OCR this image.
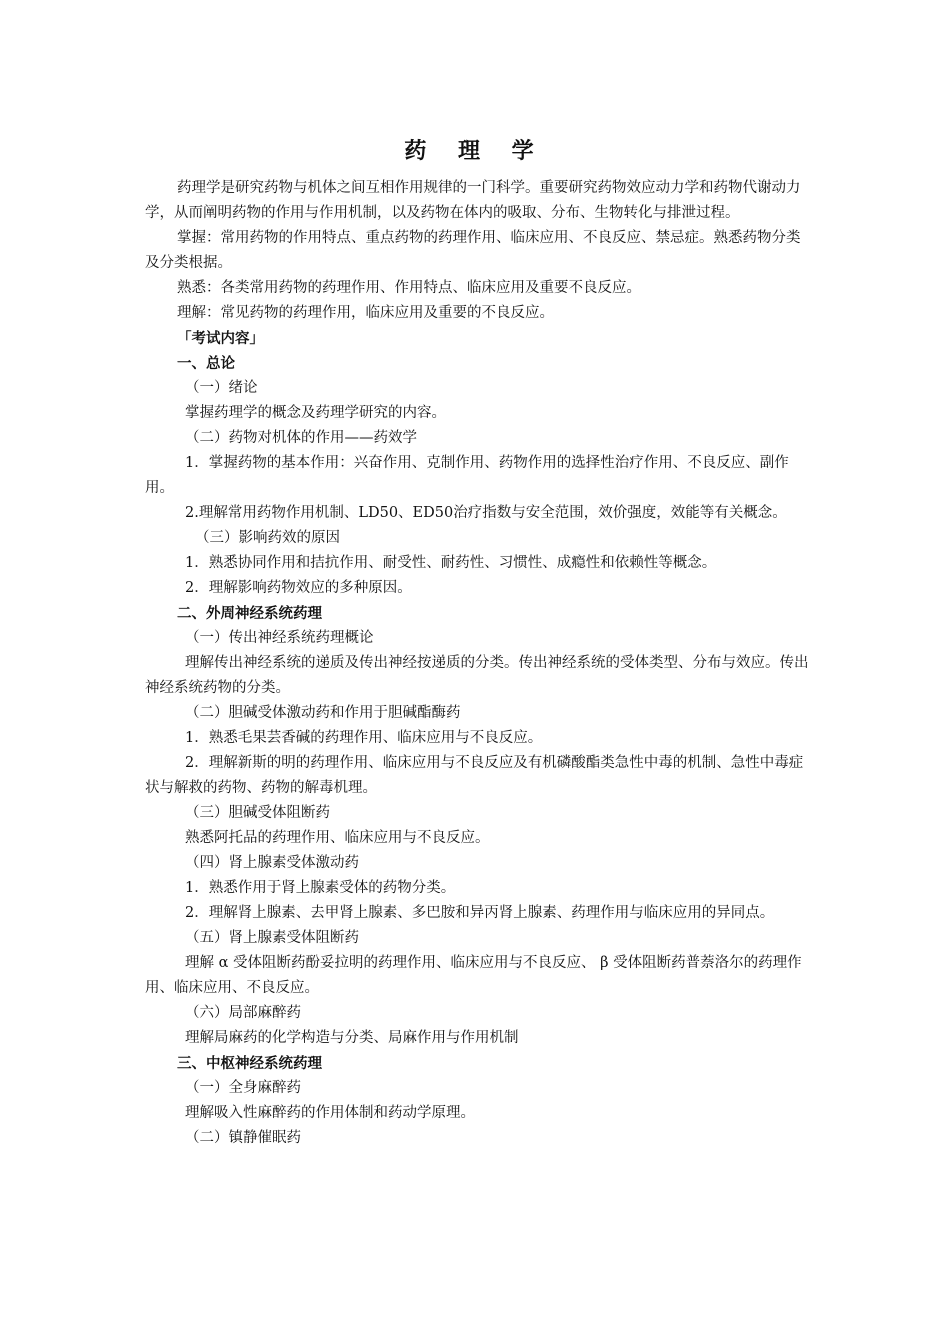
药 理 学

药理学是研究药物与机体之间互相作用规律的一门科学。重要研究药物效应动力学和药物代谢动力学，从而阐明药物的作用与作用机制，以及药物在体内的吸取、分布、生物转化与排泄过程。

掌握：常用药物的作用特点、重点药物的药理作用、临床应用、不良反应、禁忌症。熟悉药物分类及分类根据。

熟悉：各类常用药物的药理作用、作用特点、临床应用及重要不良反应。

理解：常见药物的药理作用，临床应用及重要的不良反应。

「考试内容」

一、总论

（一）绪论

掌握药理学的概念及药理学研究的内容。

（二）药物对机体的作用——药效学

1．掌握药物的基本作用：兴奋作用、克制作用、药物作用的选择性治疗作用、不良反应、副作用。

2.理解常用药物作用机制、LD50、ED50治疗指数与安全范围，效价强度，效能等有关概念。

（三）影响药效的原因

1．熟悉协同作用和拮抗作用、耐受性、耐药性、习惯性、成瘾性和依赖性等概念。

2．理解影响药物效应的多种原因。

二、外周神经系统药理

（一）传出神经系统药理概论

理解传出神经系统的递质及传出神经按递质的分类。传出神经系统的受体类型、分布与效应。传出神经系统药物的分类。

（二）胆碱受体激动药和作用于胆碱酯酶药

1．熟悉毛果芸香碱的药理作用、临床应用与不良反应。

2．理解新斯的明的药理作用、临床应用与不良反应及有机磷酸酯类急性中毒的机制、急性中毒症状与解救的药物、药物的解毒机理。

（三）胆碱受体阻断药

熟悉阿托品的药理作用、临床应用与不良反应。

（四）肾上腺素受体激动药

1．熟悉作用于肾上腺素受体的药物分类。

2．理解肾上腺素、去甲肾上腺素、多巴胺和异丙肾上腺素、药理作用与临床应用的异同点。

（五）肾上腺素受体阻断药

理解 α 受体阻断药酚妥拉明的药理作用、临床应用与不良反应、 β 受体阻断药普萘洛尔的药理作用、临床应用、不良反应。

（六）局部麻醉药

理解局麻药的化学构造与分类、局麻作用与作用机制

三、中枢神经系统药理

（一）全身麻醉药

理解吸入性麻醉药的作用体制和药动学原理。

（二）镇静催眠药
